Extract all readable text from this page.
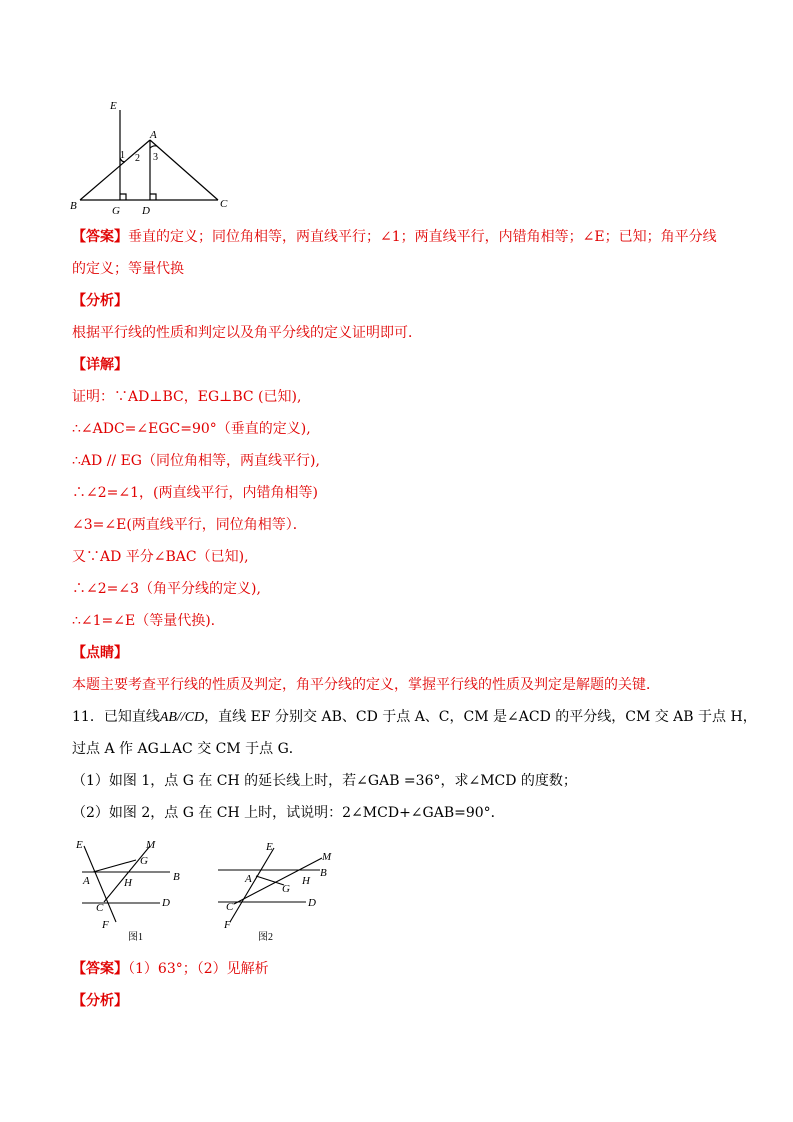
E
A
B	G D
C
1 2 3
【答案】垂直的定义；同位角相等，两直线平行；∠1；两直线平行，内错角相等；∠E；已知；角平分线
的定义；等量代换
【分析】
根据平行线的性质和判定以及角平分线的定义证明即可．
【详解】
证明：∵AD⊥BC，EG⊥BC (已知),
∴∠ADC=∠EGC=90°（垂直的定义),
∴AD // EG（同位角相等，两直线平行),
∴∠2=∠1，(两直线平行，内错角相等)
∠3=∠E(两直线平行，同位角相等）．
又∵AD 平分∠BAC（已知),
∴∠2=∠3（角平分线的定义),
∴∠1=∠E（等量代换).
【点睛】
本题主要考查平行线的性质及判定，角平分线的定义，掌握平行线的性质及判定是解题的关键．
11．已知直线AB//CD，直线 EF 分别交 AB、CD 于点 A、C，CM 是∠ACD 的平分线，CM 交 AB 于点 H，
过点 A 作 AG⊥AC 交 CM 于点 G．
（1）如图 1，点 G 在 CH 的延长线上时，若∠GAB =36°，求∠MCD 的度数；
（2）如图 2，点 G 在 CH 上时，试说明：2∠MCD+∠GAB=90°．
E	M
G
A	H	B
C	D
F
E
M
A
G
H
B
C	D
F
图1	图2
【答案】（1）63°；（2）见解析
【分析】
